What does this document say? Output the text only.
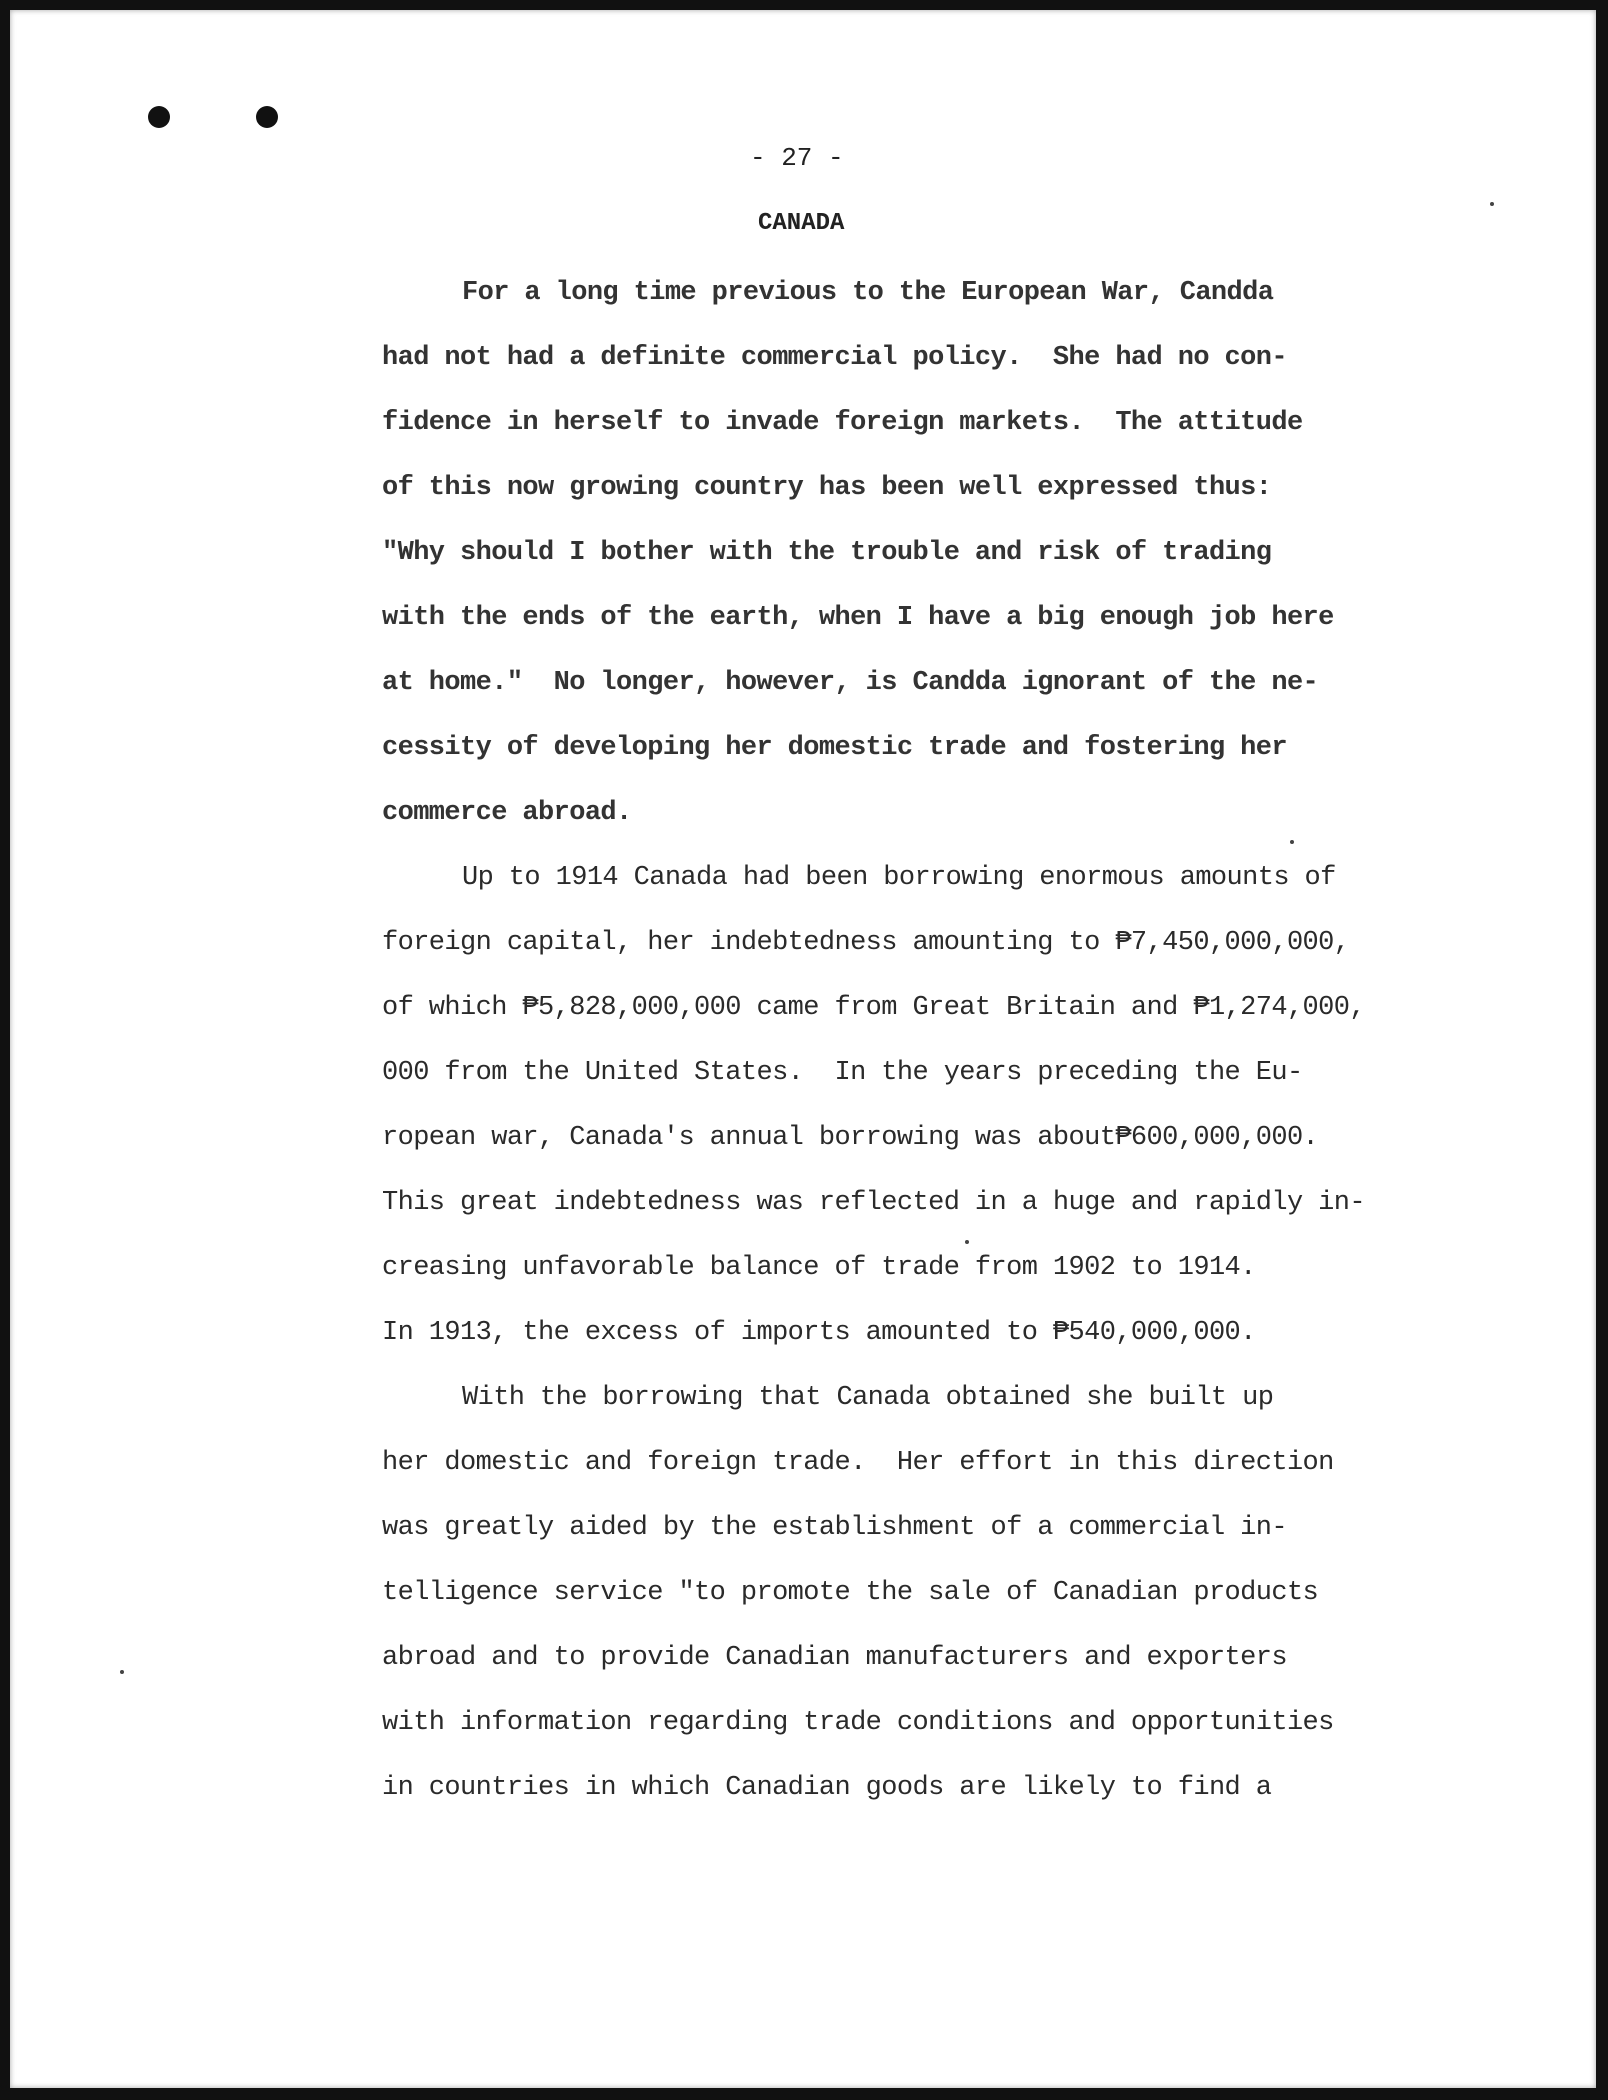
- 27 -
CANADA
For a long time previous to the European War, Candda
had not had a definite commercial policy.  She had no con-
fidence in herself to invade foreign markets.  The attitude
of this now growing country has been well expressed thus:
"Why should I bother with the trouble and risk of trading
with the ends of the earth, when I have a big enough job here
at home."  No longer, however, is Candda ignorant of the ne-
cessity of developing her domestic trade and fostering her
commerce abroad.
Up to 1914 Canada had been borrowing enormous amounts of
foreign capital, her indebtedness amounting to ₱7,450,000,000,
of which ₱5,828,000,000 came from Great Britain and ₱1,274,000,
000 from the United States.  In the years preceding the Eu-
ropean war, Canada's annual borrowing was about₱600,000,000.
This great indebtedness was reflected in a huge and rapidly in-
creasing unfavorable balance of trade from 1902 to 1914.
In 1913, the excess of imports amounted to ₱540,000,000.
With the borrowing that Canada obtained she built up
her domestic and foreign trade.  Her effort in this direction
was greatly aided by the establishment of a commercial in-
telligence service "to promote the sale of Canadian products
abroad and to provide Canadian manufacturers and exporters
with information regarding trade conditions and opportunities
in countries in which Canadian goods are likely to find a
